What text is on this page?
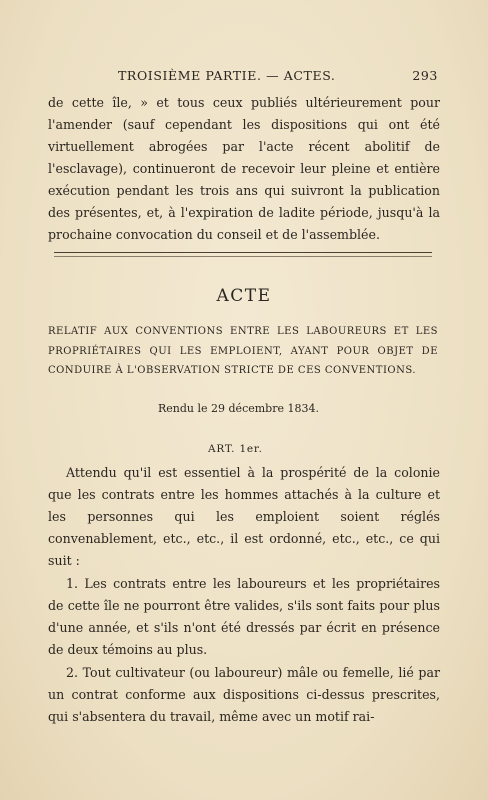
TROISIÈME PARTIE. — ACTES.	293

de cette île, » et tous ceux publiés ultérieurement pour l'amender (sauf cependant les dispositions qui ont été virtuellement abrogées par l'acte récent abolitif de l'esclavage), continueront de recevoir leur pleine et entière exécution pendant les trois ans qui suivront la publication des présentes, et, à l'expiration de ladite période, jusqu'à la prochaine convocation du conseil et de l'assemblée.

ACTE

RELATIF AUX CONVENTIONS ENTRE LES LABOUREURS ET LES PROPRIÉTAIRES QUI LES EMPLOIENT, AYANT POUR OBJET DE CONDUIRE À L'OBSERVATION STRICTE DE CES CONVENTIONS.

Rendu le 29 décembre 1834.
ART. 1er.

Attendu qu'il est essentiel à la prospérité de la colonie que les contrats entre les hommes attachés à la culture et les personnes qui les emploient soient réglés convenablement, etc., etc., il est ordonné, etc., etc., ce qui suit :

1. Les contrats entre les laboureurs et les propriétaires de cette île ne pourront être valides, s'ils sont faits pour plus d'une année, et s'ils n'ont été dressés par écrit en présence de deux témoins au plus.

2. Tout cultivateur (ou laboureur) mâle ou femelle, lié par un contrat conforme aux dispositions ci-dessus prescrites, qui s'absentera du travail, même avec un motif rai-
